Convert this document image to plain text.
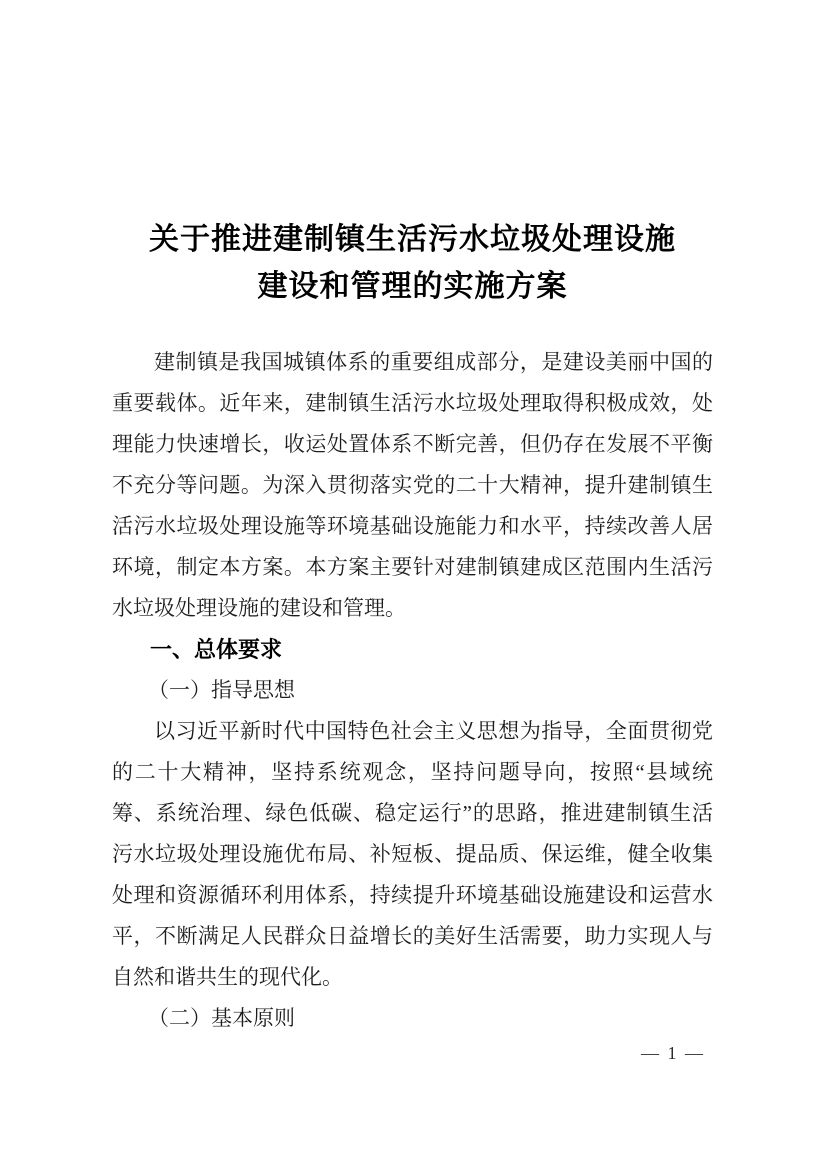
关于推进建制镇生活污水垃圾处理设施
建设和管理的实施方案
建制镇是我国城镇体系的重要组成部分，是建设美丽中国的
重要载体。近年来，建制镇生活污水垃圾处理取得积极成效，处
理能力快速增长，收运处置体系不断完善，但仍存在发展不平衡
不充分等问题。为深入贯彻落实党的二十大精神，提升建制镇生
活污水垃圾处理设施等环境基础设施能力和水平，持续改善人居
环境，制定本方案。本方案主要针对建制镇建成区范围内生活污
水垃圾处理设施的建设和管理。
一、总体要求
（一）指导思想
以习近平新时代中国特色社会主义思想为指导，全面贯彻党
的二十大精神，坚持系统观念，坚持问题导向，按照“县域统
筹、系统治理、绿色低碳、稳定运行”的思路，推进建制镇生活
污水垃圾处理设施优布局、补短板、提品质、保运维，健全收集
处理和资源循环利用体系，持续提升环境基础设施建设和运营水
平，不断满足人民群众日益增长的美好生活需要，助力实现人与
自然和谐共生的现代化。
（二）基本原则
— 1 —
